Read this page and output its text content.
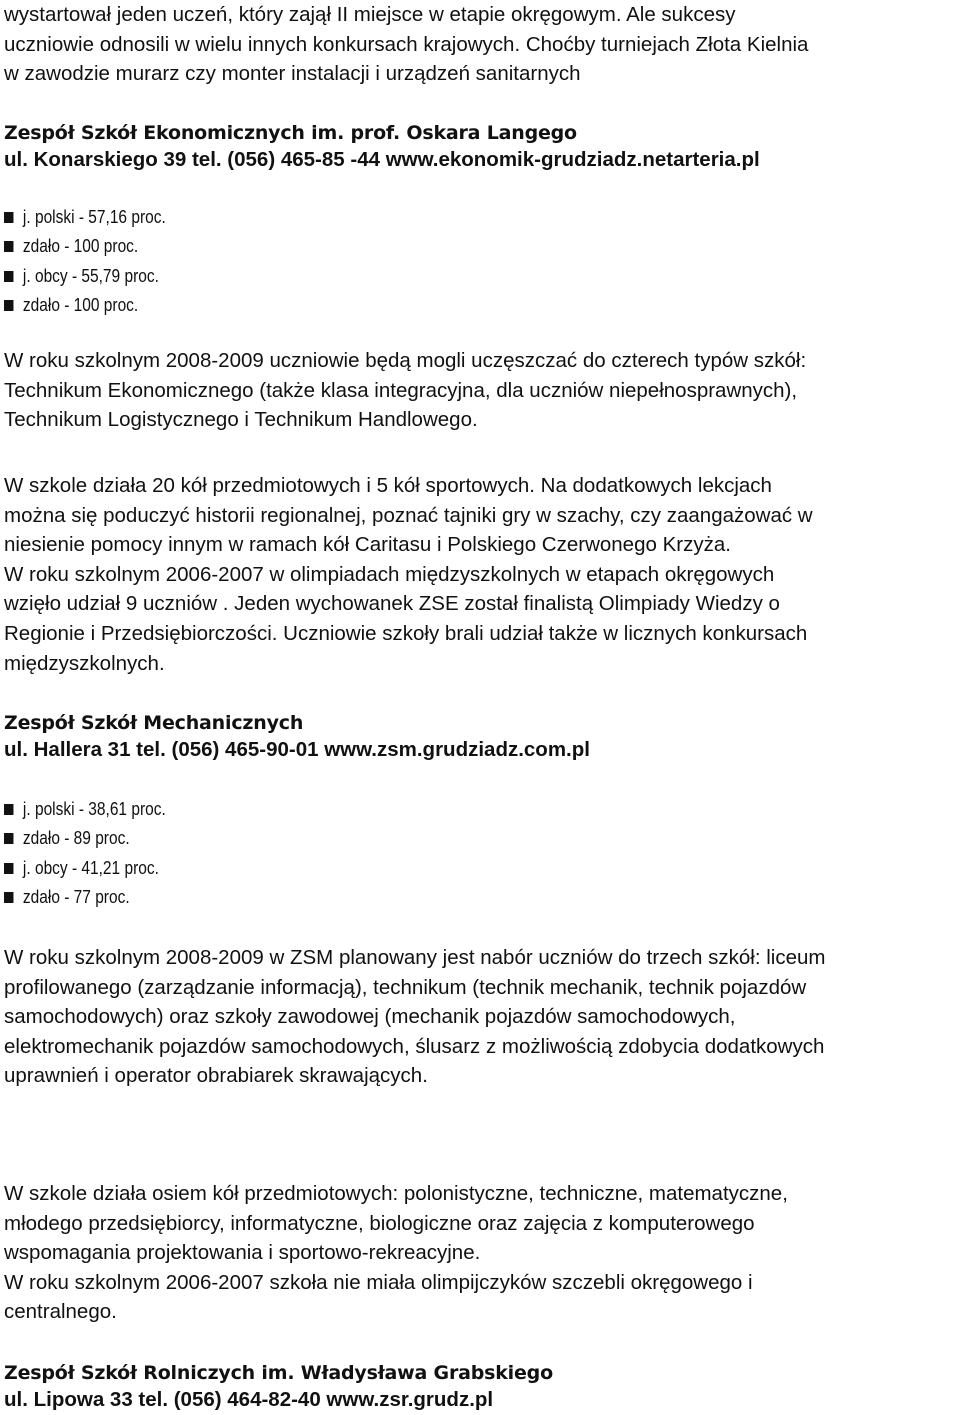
wystartował jeden uczeń, który zajął II miejsce w etapie okręgowym. Ale sukcesy
uczniowie odnosili w wielu innych konkursach krajowych. Choćby turniejach Złota Kielnia
w zawodzie murarz czy monter instalacji i urządzeń sanitarnych
Zespół Szkół Ekonomicznych im. prof. Oskara Langego
ul. Konarskiego 39 tel. (056) 465-85 -44 www.ekonomik-grudziadz.netarteria.pl
j. polski - 57,16 proc.
zdało - 100 proc.
j. obcy - 55,79 proc.
zdało - 100 proc.
W roku szkolnym 2008-2009 uczniowie będą mogli uczęszczać do czterech typów szkół:
Technikum Ekonomicznego (także klasa integracyjna, dla uczniów niepełnosprawnych),
Technikum Logistycznego i Technikum Handlowego.
W szkole działa 20 kół przedmiotowych i 5 kół sportowych. Na dodatkowych lekcjach
można się poduczyć historii regionalnej, poznać tajniki gry w szachy, czy zaangażować w
niesienie pomocy innym w ramach kół Caritasu i Polskiego Czerwonego Krzyża.
W roku szkolnym 2006-2007 w olimpiadach międzyszkolnych w etapach okręgowych
wzięło udział 9 uczniów . Jeden wychowanek ZSE został finalistą Olimpiady Wiedzy o
Regionie i Przedsiębiorczości. Uczniowie szkoły brali udział także w licznych konkursach
międzyszkolnych.
Zespół Szkół Mechanicznych
ul. Hallera 31 tel. (056) 465-90-01 www.zsm.grudziadz.com.pl
j. polski - 38,61 proc.
zdało - 89 proc.
j. obcy - 41,21 proc.
zdało - 77 proc.
W roku szkolnym 2008-2009 w ZSM planowany jest nabór uczniów do trzech szkół: liceum
profilowanego (zarządzanie informacją), technikum (technik mechanik, technik pojazdów
samochodowych) oraz szkoły zawodowej (mechanik pojazdów samochodowych,
elektromechanik pojazdów samochodowych, ślusarz z możliwością zdobycia dodatkowych
uprawnień i operator obrabiarek skrawających.
W szkole działa osiem kół przedmiotowych: polonistyczne, techniczne, matematyczne,
młodego przedsiębiorcy, informatyczne, biologiczne oraz zajęcia z komputerowego
wspomagania projektowania i sportowo-rekreacyjne.
W roku szkolnym 2006-2007 szkoła nie miała olimpijczyków szczebli okręgowego i
centralnego.
Zespół Szkół Rolniczych im. Władysława Grabskiego
ul. Lipowa 33 tel. (056) 464-82-40 www.zsr.grudz.pl
